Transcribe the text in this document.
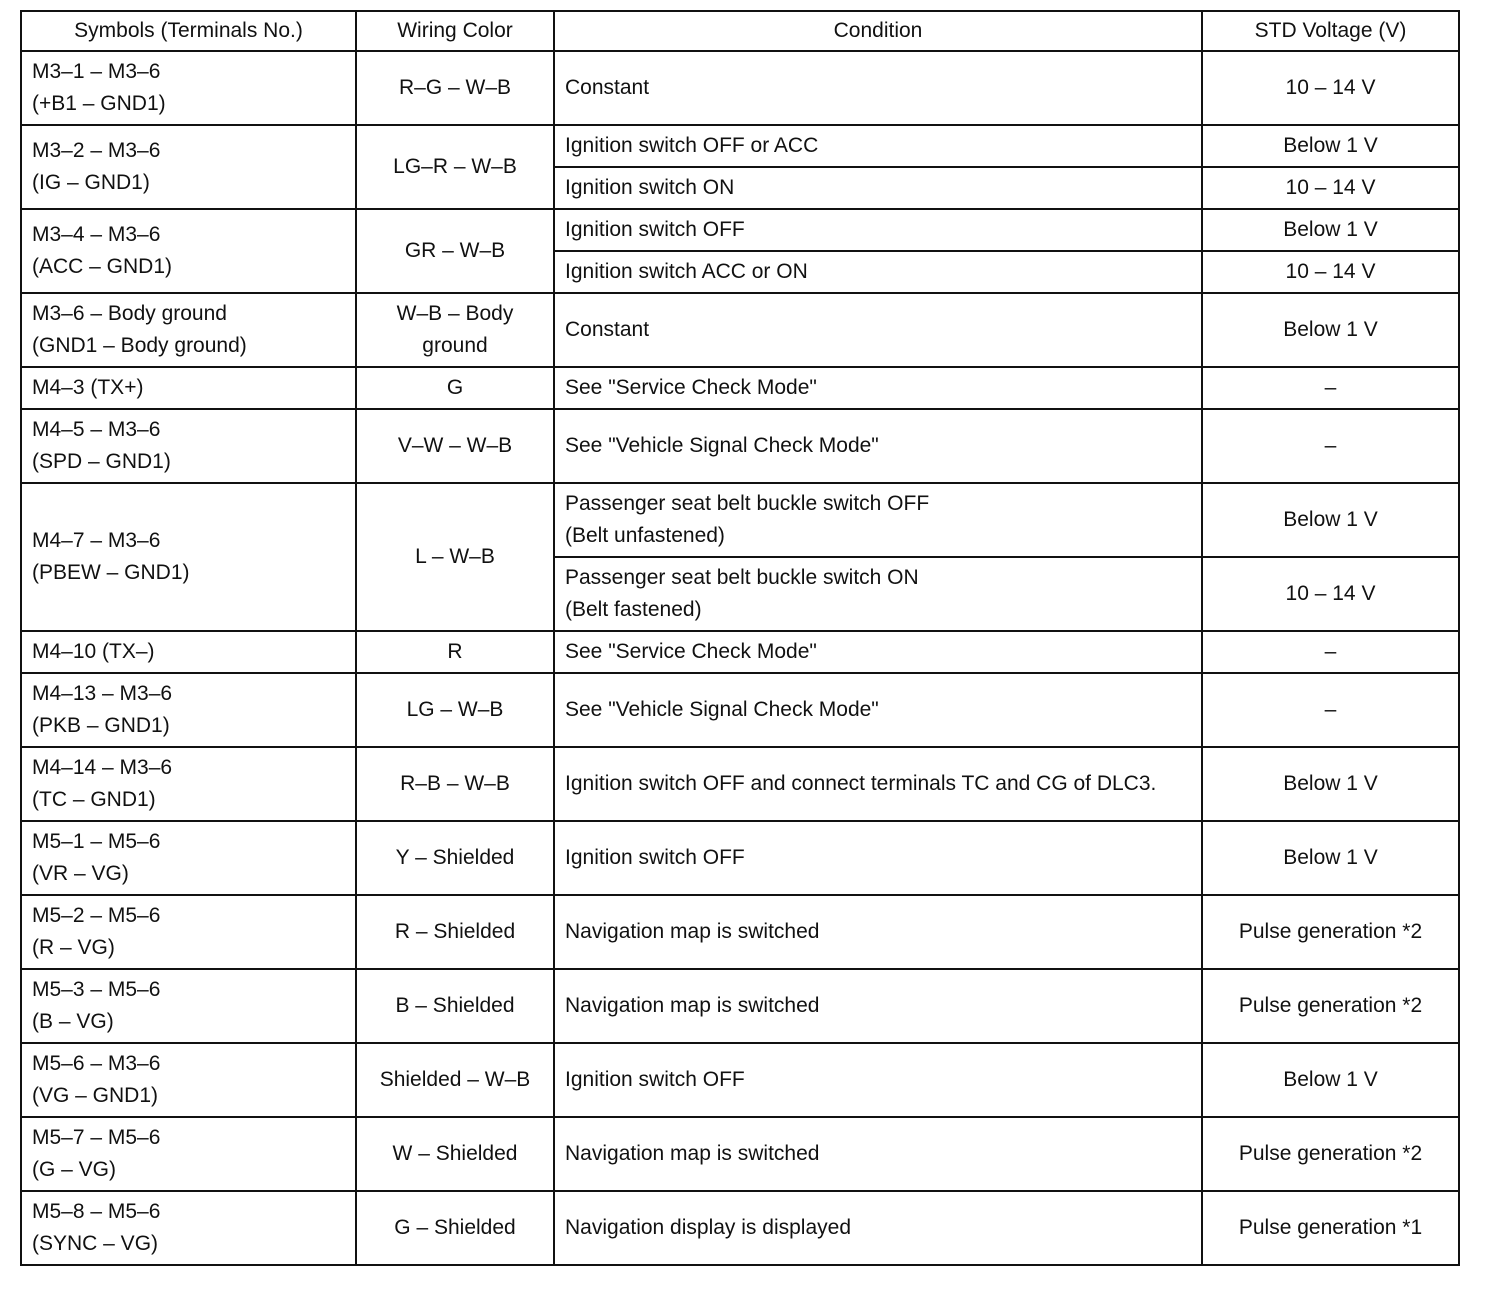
Symbols (Terminals No.)	Wiring Color	Condition	STD Voltage (V)

M3–1 – M3–6
(+B1 – GND1)	R–G – W–B	Constant	10 – 14 V

M3–2 – M3–6
(IG – GND1)	LG–R – W–B	Ignition switch OFF or ACC	Below 1 V

		Ignition switch ON	10 – 14 V

M3–4 – M3–6
(ACC – GND1)	GR – W–B	Ignition switch OFF	Below 1 V

		Ignition switch ACC or ON	10 – 14 V

M3–6 – Body ground
(GND1 – Body ground)	W–B – Body
ground	Constant	Below 1 V

M4–3 (TX+)	G	See "Service Check Mode"	–

M4–5 – M3–6
(SPD – GND1)	V–W – W–B	See "Vehicle Signal Check Mode"	–

M4–7 – M3–6
(PBEW – GND1)	L – W–B	Passenger seat belt buckle switch OFF
(Belt unfastened)	Below 1 V

		Passenger seat belt buckle switch ON
(Belt fastened)	10 – 14 V

M4–10 (TX–)	R	See "Service Check Mode"	–

M4–13 – M3–6
(PKB – GND1)	LG – W–B	See "Vehicle Signal Check Mode"	–

M4–14 – M3–6
(TC – GND1)	R–B – W–B	Ignition switch OFF and connect terminals TC and CG of DLC3.	Below 1 V

M5–1 – M5–6
(VR – VG)	Y – Shielded	Ignition switch OFF	Below 1 V

M5–2 – M5–6
(R – VG)	R – Shielded	Navigation map is switched	Pulse generation *2

M5–3 – M5–6
(B – VG)	B – Shielded	Navigation map is switched	Pulse generation *2

M5–6 – M3–6
(VG – GND1)	Shielded – W–B	Ignition switch OFF	Below 1 V

M5–7 – M5–6
(G – VG)	W – Shielded	Navigation map is switched	Pulse generation *2

M5–8 – M5–6
(SYNC – VG)	G – Shielded	Navigation display is displayed	Pulse generation *1
